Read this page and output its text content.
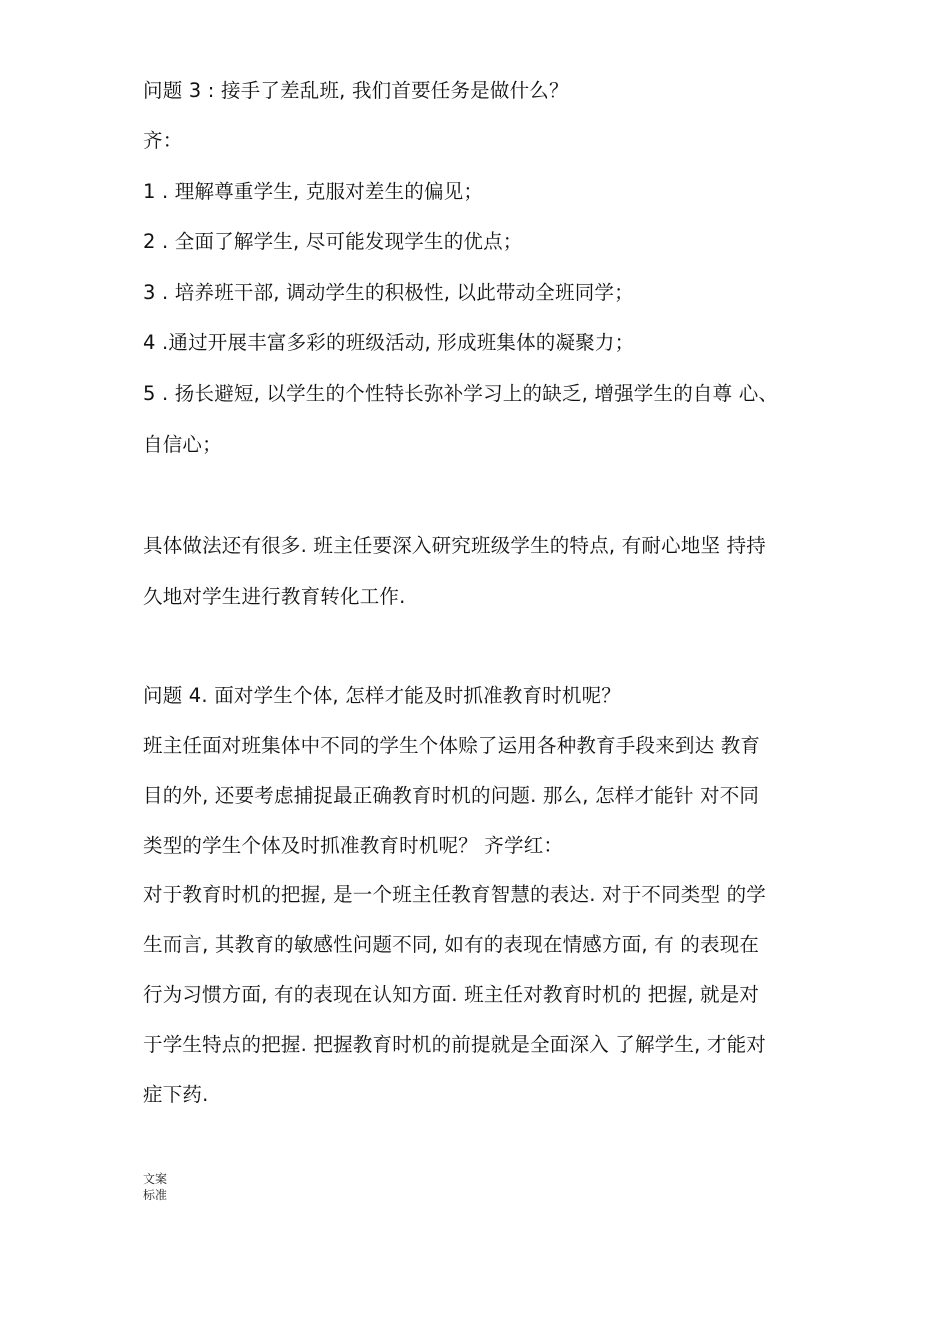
问题 3 : 接手了差乱班, 我们首要任务是做什么？
齐：
1 . 理解尊重学生, 克服对差生的偏见；
2 . 全面了解学生, 尽可能发现学生的优点；
3 . 培养班干部, 调动学生的积极性, 以此带动全班同学；
4 .通过开展丰富多彩的班级活动, 形成班集体的凝聚力；
5 . 扬长避短, 以学生的个性特长弥补学习上的缺乏, 增强学生的自尊 心、
自信心；
具体做法还有很多. 班主任要深入研究班级学生的特点, 有耐心地坚 持持
久地对学生进行教育转化工作.
问题 4. 面对学生个体, 怎样才能及时抓准教育时机呢？
班主任面对班集体中不同的学生个体赊了运用各种教育手段来到达 教育
目的外, 还要考虑捕捉最正确教育时机的问题. 那么, 怎样才能针 对不同
类型的学生个体及时抓准教育时机呢？ 齐学红：
对于教育时机的把握, 是一个班主任教育智慧的表达. 对于不同类型 的学
生而言, 其教育的敏感性问题不同, 如有的表现在情感方面, 有 的表现在
行为习惯方面, 有的表现在认知方面. 班主任对教育时机的 把握, 就是对
于学生特点的把握. 把握教育时机的前提就是全面深入 了解学生, 才能对
症下药.
文案
标准
